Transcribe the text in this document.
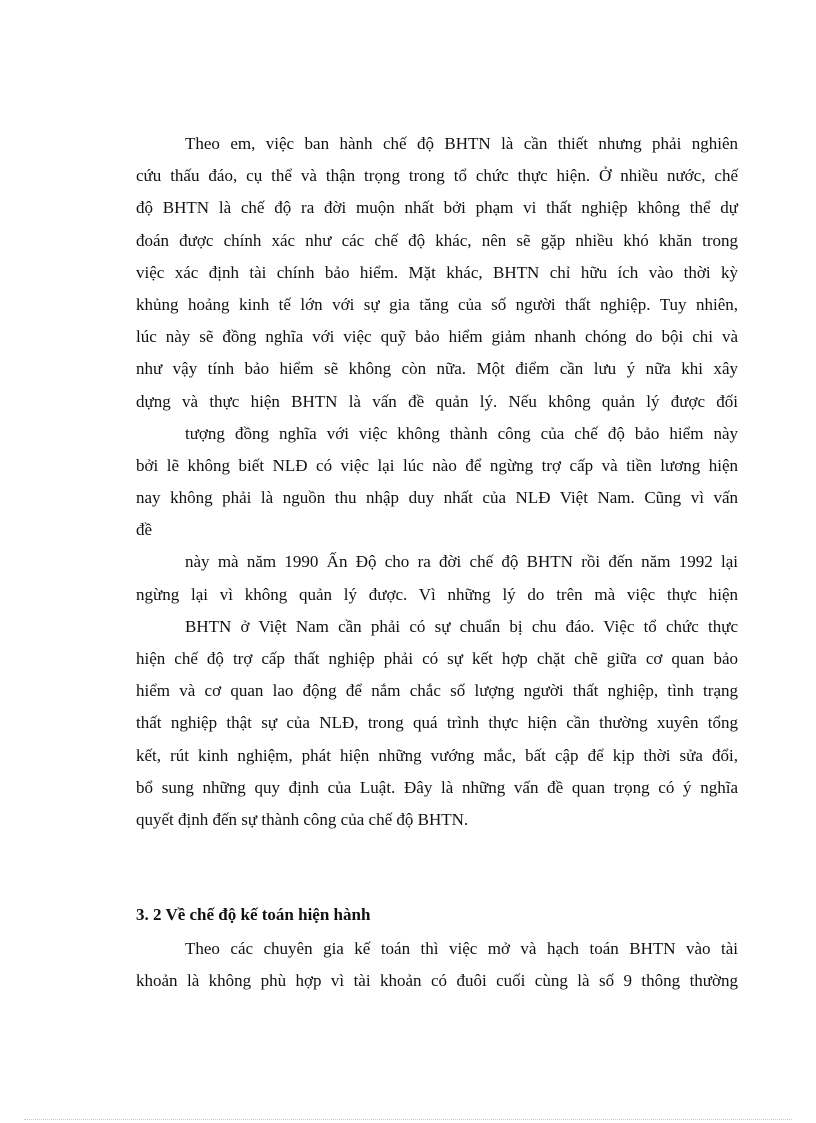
Theo em, việc ban hành chế độ BHTN là cần thiết nhưng phải nghiên
cứu thấu đáo, cụ thể và thận trọng trong tổ chức thực hiện. Ở nhiều nước, chế
độ BHTN là chế độ ra đời muộn nhất bởi phạm vi thất nghiệp không thể dự
đoán được chính xác như các chế độ khác, nên sẽ gặp nhiều khó khăn trong
việc xác định tài chính bảo hiểm. Mặt khác, BHTN chỉ hữu ích vào thời kỳ
khủng hoảng kinh tế lớn với sự gia tăng của số người thất nghiệp. Tuy nhiên,
lúc này sẽ đồng nghĩa với việc quỹ bảo hiểm giảm nhanh chóng do bội chi và
như vậy tính bảo hiểm sẽ không còn nữa. Một điểm cần lưu ý nữa khi xây
dựng và thực hiện BHTN là vấn đề quản lý. Nếu không quản lý được đối
tượng đồng nghĩa với việc không thành công của chế độ bảo hiểm này
bởi lẽ không biết NLĐ có việc lại lúc nào để ngừng trợ cấp và tiền lương hiện
nay không phải là nguồn thu nhập duy nhất của NLĐ Việt Nam. Cũng vì vấn
đề
này mà năm 1990 Ấn Độ cho ra đời chế độ BHTN rồi đến năm 1992 lại
ngừng lại vì không quản lý được. Vì những lý do trên mà việc thực hiện
BHTN ở Việt Nam cần phải có sự chuẩn bị chu đáo. Việc tổ chức thực
hiện chế độ trợ cấp thất nghiệp phải có sự kết hợp chặt chẽ giữa cơ quan bảo
hiểm và cơ quan lao động để nắm chắc số lượng người thất nghiệp, tình trạng
thất nghiệp thật sự của NLĐ, trong quá trình thực hiện cần thường xuyên tổng
kết, rút kinh nghiệm, phát hiện những vướng mắc, bất cập để kịp thời sửa đổi,
bổ sung những quy định của Luật. Đây là những vấn đề quan trọng có ý nghĩa
quyết định đến sự thành công của chế độ BHTN.
3. 2 Về chế độ kế toán hiện hành
Theo các chuyên gia kế toán thì việc mở và hạch toán BHTN vào tài
khoản là không phù hợp vì tài khoản có đuôi cuối cùng là số 9 thông thường
